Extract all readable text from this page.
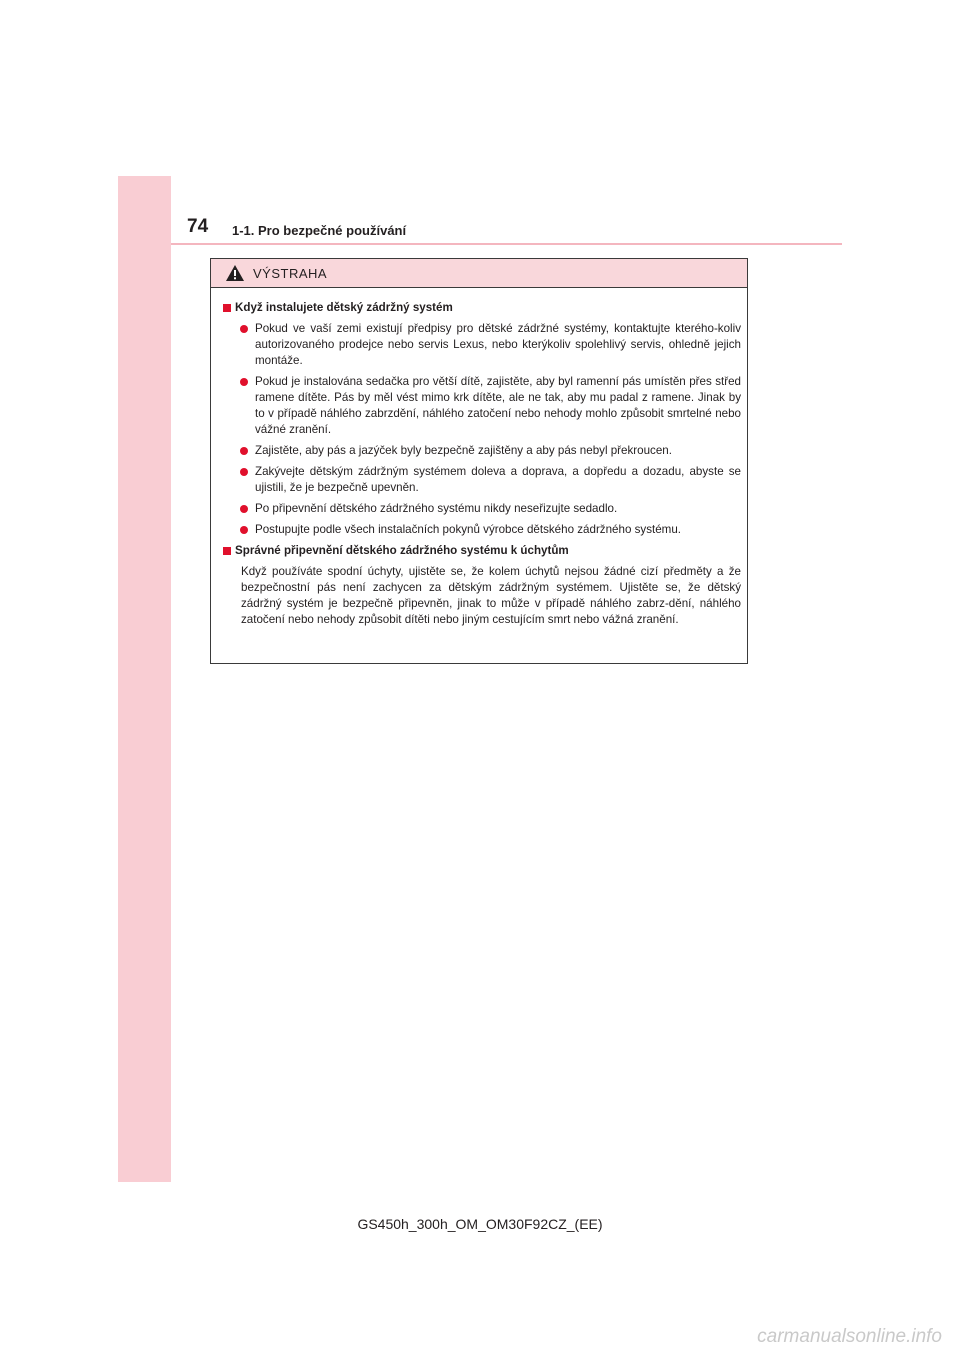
74 1-1. Pro bezpečné používání
VÝSTRAHA
Když instalujete dětský zádržný systém
Pokud ve vaší zemi existují předpisy pro dětské zádržné systémy, kontaktujte kterého-koliv autorizovaného prodejce nebo servis Lexus, nebo kterýkoliv spolehlivý servis, ohledně jejich montáže.
Pokud je instalována sedačka pro větší dítě, zajistěte, aby byl ramenní pás umístěn přes střed ramene dítěte. Pás by měl vést mimo krk dítěte, ale ne tak, aby mu padal z ramene. Jinak by to v případě náhlého zabrzdění, náhlého zatočení nebo nehody mohlo způsobit smrtelné nebo vážné zranění.
Zajistěte, aby pás a jazýček byly bezpečně zajištěny a aby pás nebyl překroucen.
Zakývejte dětským zádržným systémem doleva a doprava, a dopředu a dozadu, abyste se ujistili, že je bezpečně upevněn.
Po připevnění dětského zádržného systému nikdy neseřizujte sedadlo.
Postupujte podle všech instalačních pokynů výrobce dětského zádržného systému.
Správné připevnění dětského zádržného systému k úchytům
Když používáte spodní úchyty, ujistěte se, že kolem úchytů nejsou žádné cizí předměty a že bezpečnostní pás není zachycen za dětským zádržným systémem. Ujistěte se, že dětský zádržný systém je bezpečně připevněn, jinak to může v případě náhlého zabrz-dění, náhlého zatočení nebo nehody způsobit dítěti nebo jiným cestujícím smrt nebo vážná zranění.
GS450h_300h_OM_OM30F92CZ_(EE)
carmanualsonline.info
